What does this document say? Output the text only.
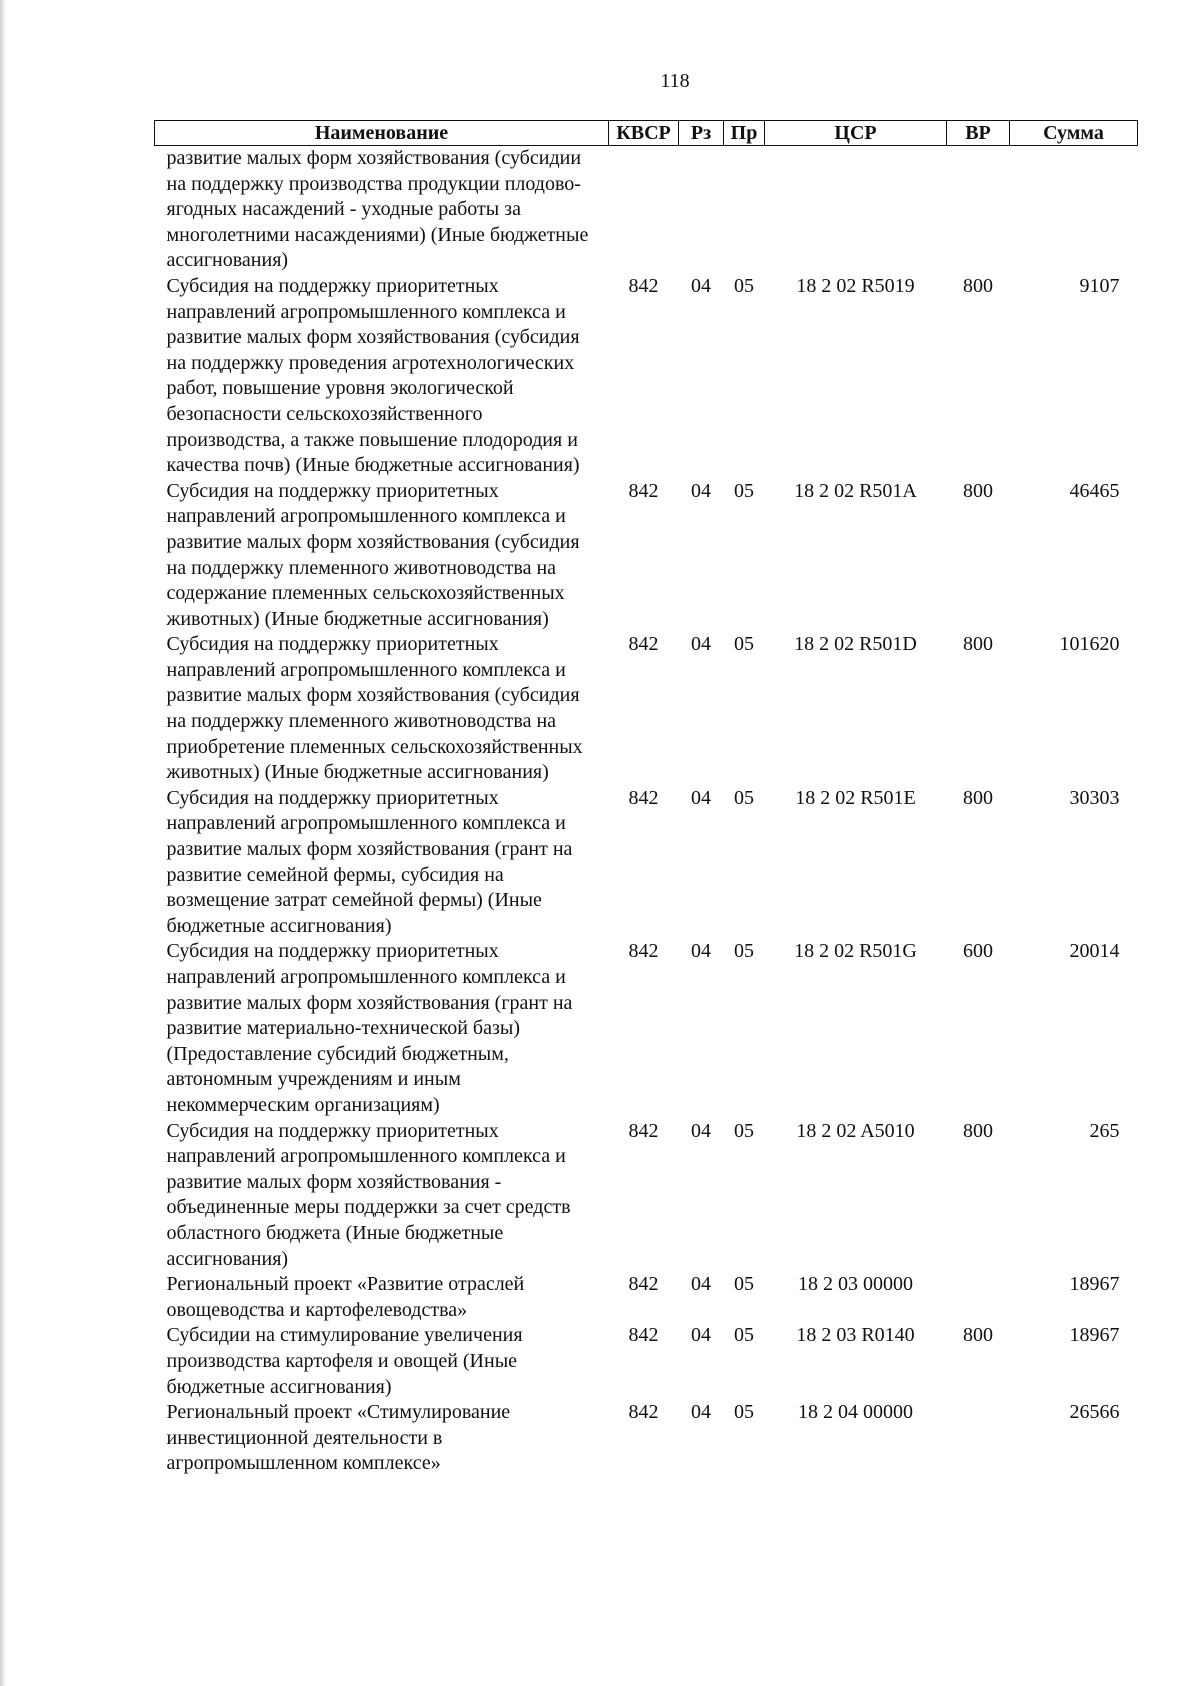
118
Наименование	КВСР	Рз	Пр	ЦСР	ВР	Сумма
развитие малых форм хозяйствования (субсидии на поддержку производства продукции плодово-ягодных насаждений - уходные работы за многолетними насаждениями) (Иные бюджетные ассигнования)						
Субсидия на поддержку приоритетных направлений агропромышленного комплекса и развитие малых форм хозяйствования (субсидия на поддержку проведения агротехнологических работ, повышение уровня экологической безопасности сельскохозяйственного производства, а также повышение плодородия и качества почв) (Иные бюджетные ассигнования)	842	04	05	18 2 02 R5019	800	9107
Субсидия на поддержку приоритетных направлений агропромышленного комплекса и развитие малых форм хозяйствования (субсидия на поддержку племенного животноводства на содержание племенных сельскохозяйственных животных) (Иные бюджетные ассигнования)	842	04	05	18 2 02 R501A	800	46465
Субсидия на поддержку приоритетных направлений агропромышленного комплекса и развитие малых форм хозяйствования (субсидия на поддержку племенного животноводства на приобретение племенных сельскохозяйственных животных) (Иные бюджетные ассигнования)	842	04	05	18 2 02 R501D	800	101620
Субсидия на поддержку приоритетных направлений агропромышленного комплекса и развитие малых форм хозяйствования (грант на развитие семейной фермы, субсидия на возмещение затрат семейной фермы) (Иные бюджетные ассигнования)	842	04	05	18 2 02 R501E	800	30303
Субсидия на поддержку приоритетных направлений агропромышленного комплекса и развитие малых форм хозяйствования (грант на развитие материально-технической базы) (Предоставление субсидий бюджетным, автономным учреждениям и иным некоммерческим организациям)	842	04	05	18 2 02 R501G	600	20014
Субсидия на поддержку приоритетных направлений агропромышленного комплекса и развитие малых форм хозяйствования - объединенные меры поддержки за счет средств областного бюджета (Иные бюджетные ассигнования)	842	04	05	18 2 02 A5010	800	265
Региональный проект «Развитие отраслей овощеводства и картофелеводства»	842	04	05	18 2 03 00000		18967
Субсидии на стимулирование увеличения производства картофеля и овощей (Иные бюджетные ассигнования)	842	04	05	18 2 03 R0140	800	18967
Региональный проект «Стимулирование инвестиционной деятельности в агропромышленном комплексе»	842	04	05	18 2 04 00000		26566
